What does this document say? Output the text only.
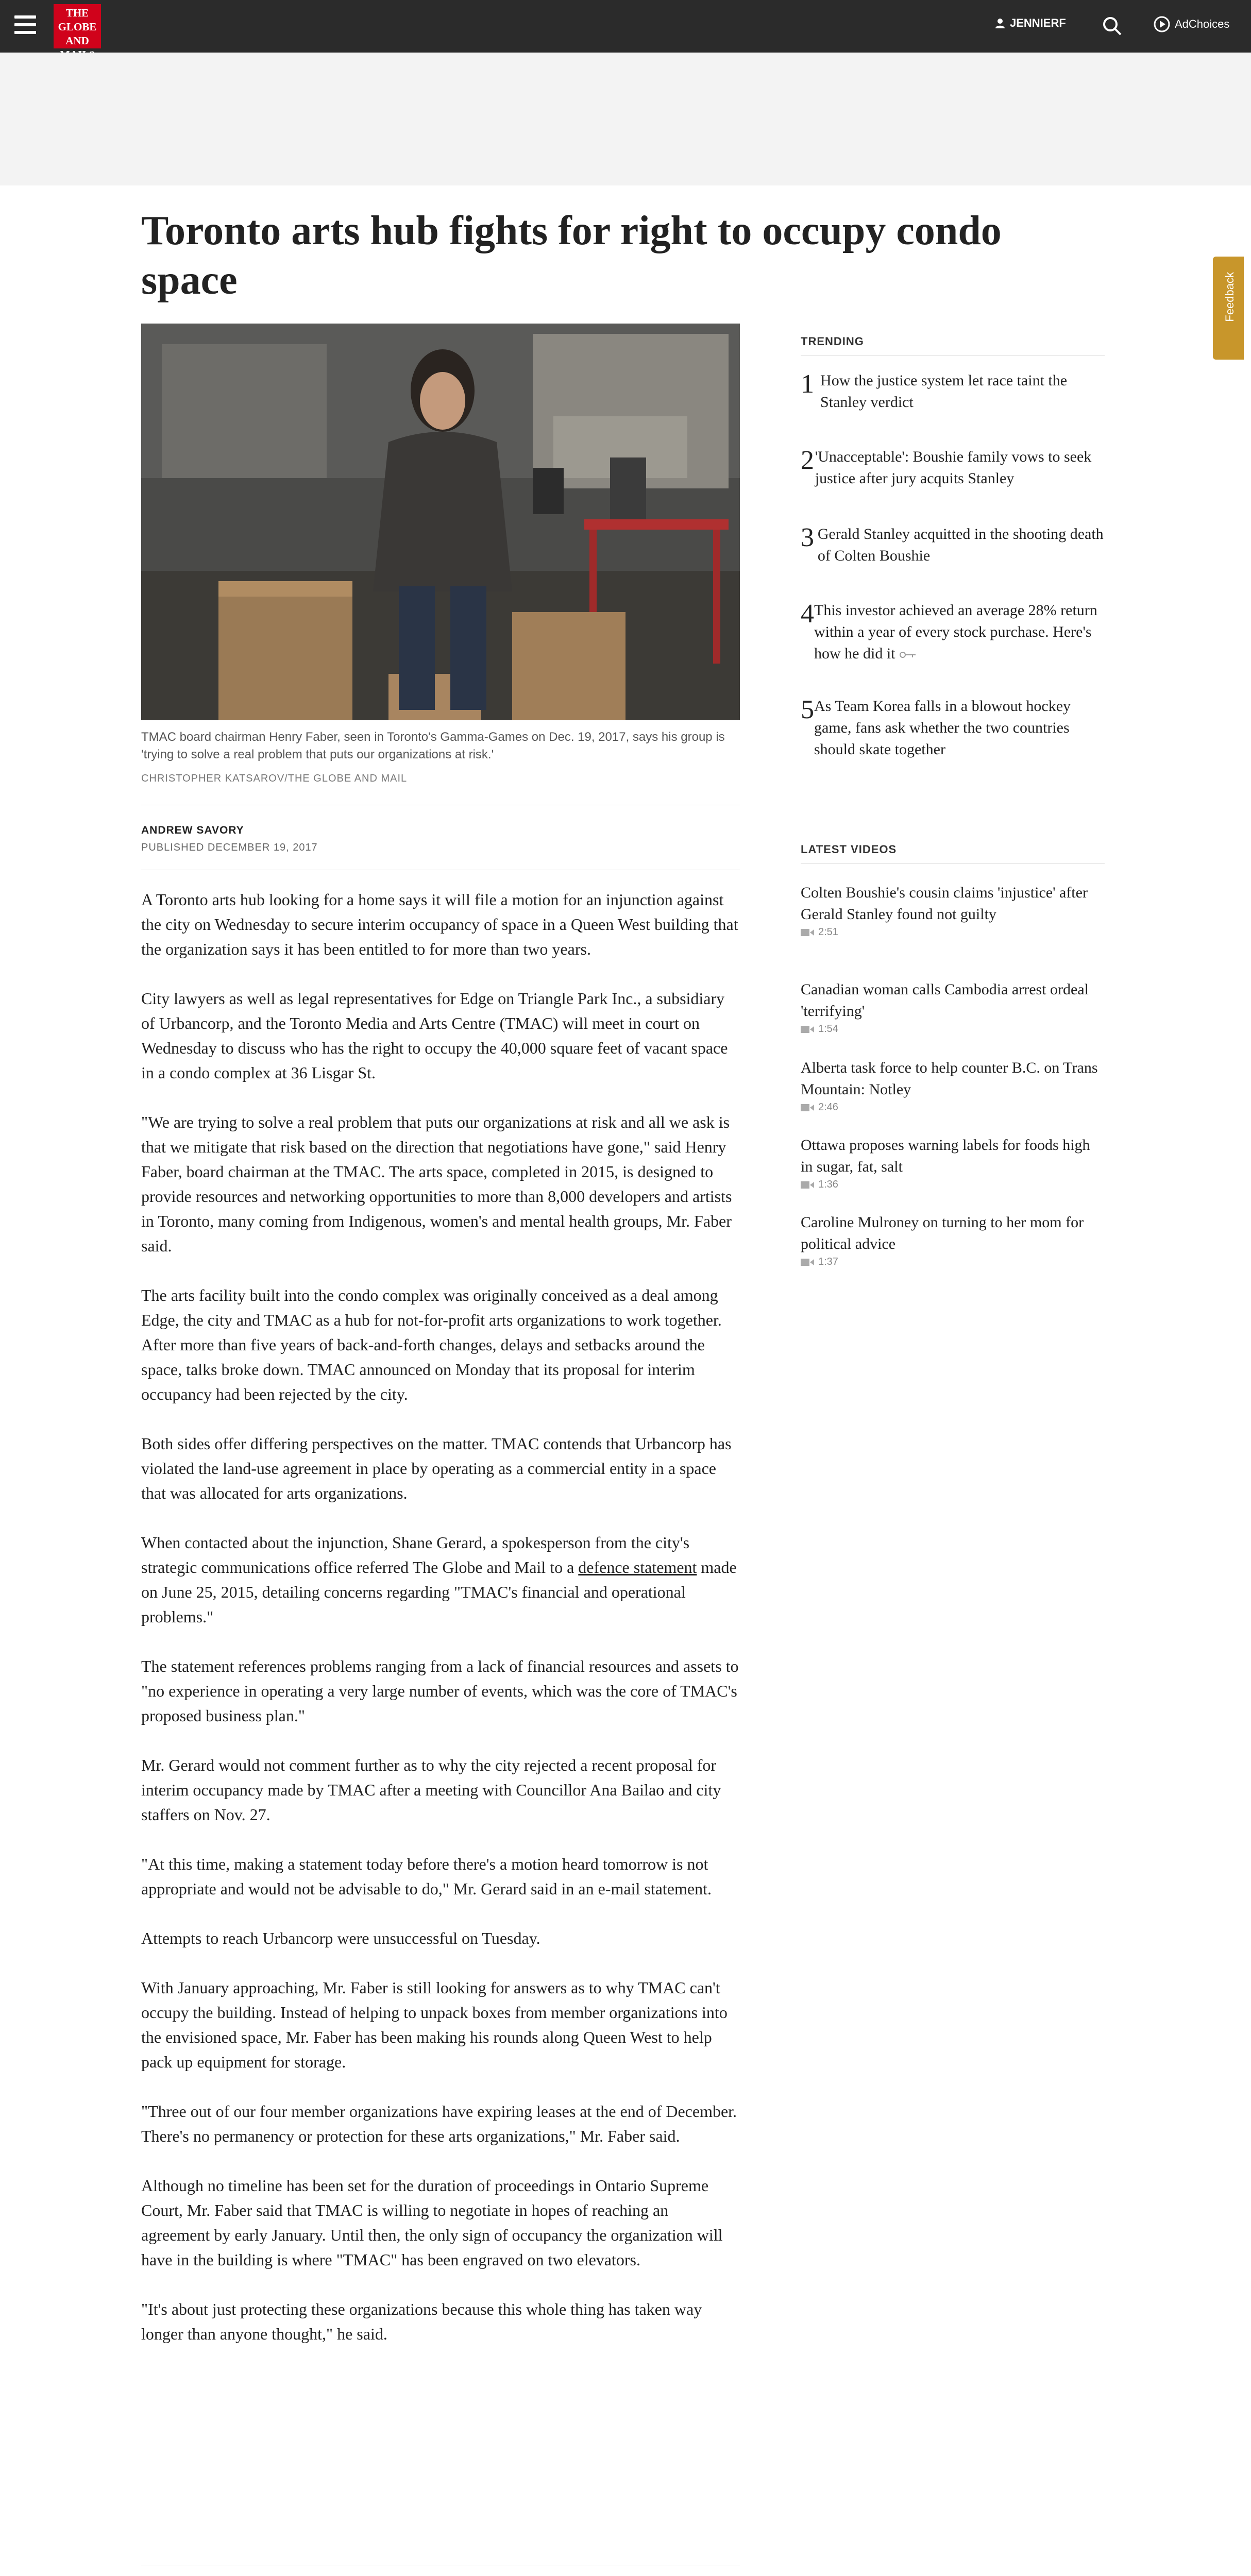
THE
GLOBE
AND
JENNIERF	AdChoices
Toronto arts hub fights for right to occupy condo space
TMAC board chairman Henry Faber, seen in Toronto's Gamma-Games on Dec. 19, 2017, says his group is 'trying to solve a real problem that puts our organizations at risk.'
CHRISTOPHER KATSAROV/THE GLOBE AND MAIL
ANDREW SAVORY
PUBLISHED DECEMBER 19, 2017

A Toronto arts hub looking for a home says it will file a motion for an injunction against the city on Wednesday to secure interim occupancy of space in a Queen West building that the organization says it has been entitled to for more than two years.

City lawyers as well as legal representatives for Edge on Triangle Park Inc., a subsidiary of Urbancorp, and the Toronto Media and Arts Centre (TMAC) will meet in court on Wednesday to discuss who has the right to occupy the 40,000 square feet of vacant space in a condo complex at 36 Lisgar St.

"We are trying to solve a real problem that puts our organizations at risk and all we ask is that we mitigate that risk based on the direction that negotiations have gone," said Henry Faber, board chairman at the TMAC. The arts space, completed in 2015, is designed to provide resources and networking opportunities to more than 8,000 developers and artists in Toronto, many coming from Indigenous, women's and mental health groups, Mr. Faber said.

The arts facility built into the condo complex was originally conceived as a deal among Edge, the city and TMAC as a hub for not-for-profit arts organizations to work together. After more than five years of back-and-forth changes, delays and setbacks around the space, talks broke down. TMAC announced on Monday that its proposal for interim occupancy had been rejected by the city.

Both sides offer differing perspectives on the matter. TMAC contends that Urbancorp has violated the land-use agreement in place by operating as a commercial entity in a space that was allocated for arts organizations.

When contacted about the injunction, Shane Gerard, a spokesperson from the city's strategic communications office referred The Globe and Mail to a defence statement made on June 25, 2015, detailing concerns regarding "TMAC's financial and operational problems."

The statement references problems ranging from a lack of financial resources and assets to "no experience in operating a very large number of events, which was the core of TMAC's proposed business plan."

Mr. Gerard would not comment further as to why the city rejected a recent proposal for interim occupancy made by TMAC after a meeting with Councillor Ana Bailao and city staffers on Nov. 27.

"At this time, making a statement today before there's a motion heard tomorrow is not appropriate and would not be advisable to do," Mr. Gerard said in an e-mail statement.

Attempts to reach Urbancorp were unsuccessful on Tuesday.

With January approaching, Mr. Faber is still looking for answers as to why TMAC can't occupy the building. Instead of helping to unpack boxes from member organizations into the envisioned space, Mr. Faber has been making his rounds along Queen West to help pack up equipment for storage.

"Three out of our four member organizations have expiring leases at the end of December. There's no permanency or protection for these arts organizations," Mr. Faber said.

Although no timeline has been set for the duration of proceedings in Ontario Supreme Court, Mr. Faber said that TMAC is willing to negotiate in hopes of reaching an agreement by early January. Until then, the only sign of occupancy the organization will have in the building is where "TMAC" has been engraved on two elevators.

"It's about just protecting these organizations because this whole thing has taken way longer than anyone thought," he said.

TRENDING
1 How the justice system let race taint the Stanley verdict
2 'Unacceptable': Boushie family vows to seek justice after jury acquits Stanley
3 Gerald Stanley acquitted in the shooting death of Colten Boushie
4 This investor achieved an average 28% return within a year of every stock purchase. Here's how he did it
5 As Team Korea falls in a blowout hockey game, fans ask whether the two countries should skate together
LATEST VIDEOS
Colten Boushie's cousin claims 'injustice' after Gerald Stanley found not guilty
2:51
Canadian woman calls Cambodia arrest ordeal 'terrifying'
1:54
Alberta task force to help counter B.C. on Trans Mountain: Notley
2:46
Ottawa proposes warning labels for foods high in sugar, fat, salt
1:36
Caroline Mulroney on turning to her mom for political advice
1:37
Feedback
